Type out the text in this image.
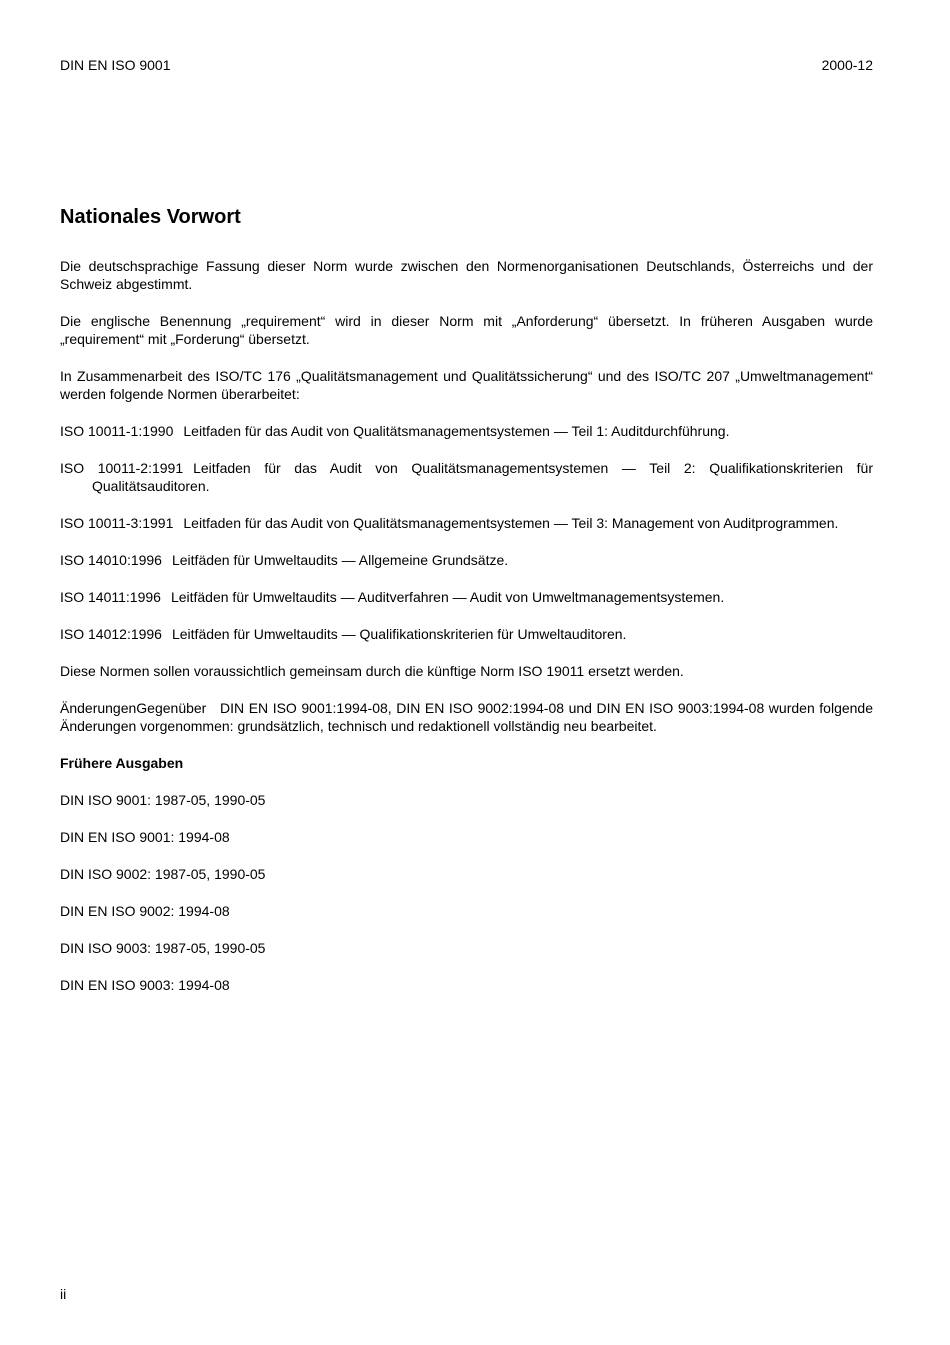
DIN EN ISO 9001	2000-12
Nationales Vorwort

Die deutschsprachige Fassung dieser Norm wurde zwischen den Normenorganisationen Deutschlands, Österreichs und der Schweiz abgestimmt.

Die englische Benennung „requirement“ wird in dieser Norm mit „Anforderung“ übersetzt. In früheren Ausgaben wurde „requirement“ mit „Forderung“ übersetzt.

In Zusammenarbeit des ISO/TC 176 „Qualitätsmanagement und Qualitätssicherung“ und des ISO/TC 207 „Umweltmanagement“ werden folgende Normen überarbeitet:

ISO 10011-1:1990 Leitfaden für das Audit von Qualitätsmanagementsystemen — Teil 1: Auditdurchführung.

ISO 10011-2:1991 Leitfaden für das Audit von Qualitätsmanagementsystemen — Teil 2: Qualifikationskriterien für Qualitätsauditoren.

ISO 10011-3:1991 Leitfaden für das Audit von Qualitätsmanagementsystemen — Teil 3: Management von Auditprogrammen.

ISO 14010:1996 Leitfäden für Umweltaudits — Allgemeine Grundsätze.

ISO 14011:1996 Leitfäden für Umweltaudits — Auditverfahren — Audit von Umweltmanagementsystemen.

ISO 14012:1996 Leitfäden für Umweltaudits — Qualifikationskriterien für Umweltauditoren.

Diese Normen sollen voraussichtlich gemeinsam durch die künftige Norm ISO 19011 ersetzt werden.

ÄnderungenGegenüber DIN EN ISO 9001:1994-08, DIN EN ISO 9002:1994-08 und DIN EN ISO 9003:1994-08 wurden folgende Änderungen vorgenommen: grundsätzlich, technisch und redaktionell vollständig neu bearbeitet.

Frühere Ausgaben

DIN ISO 9001: 1987-05, 1990-05

DIN EN ISO 9001: 1994-08

DIN ISO 9002: 1987-05, 1990-05

DIN EN ISO 9002: 1994-08

DIN ISO 9003: 1987-05, 1990-05

DIN EN ISO 9003: 1994-08

ii
